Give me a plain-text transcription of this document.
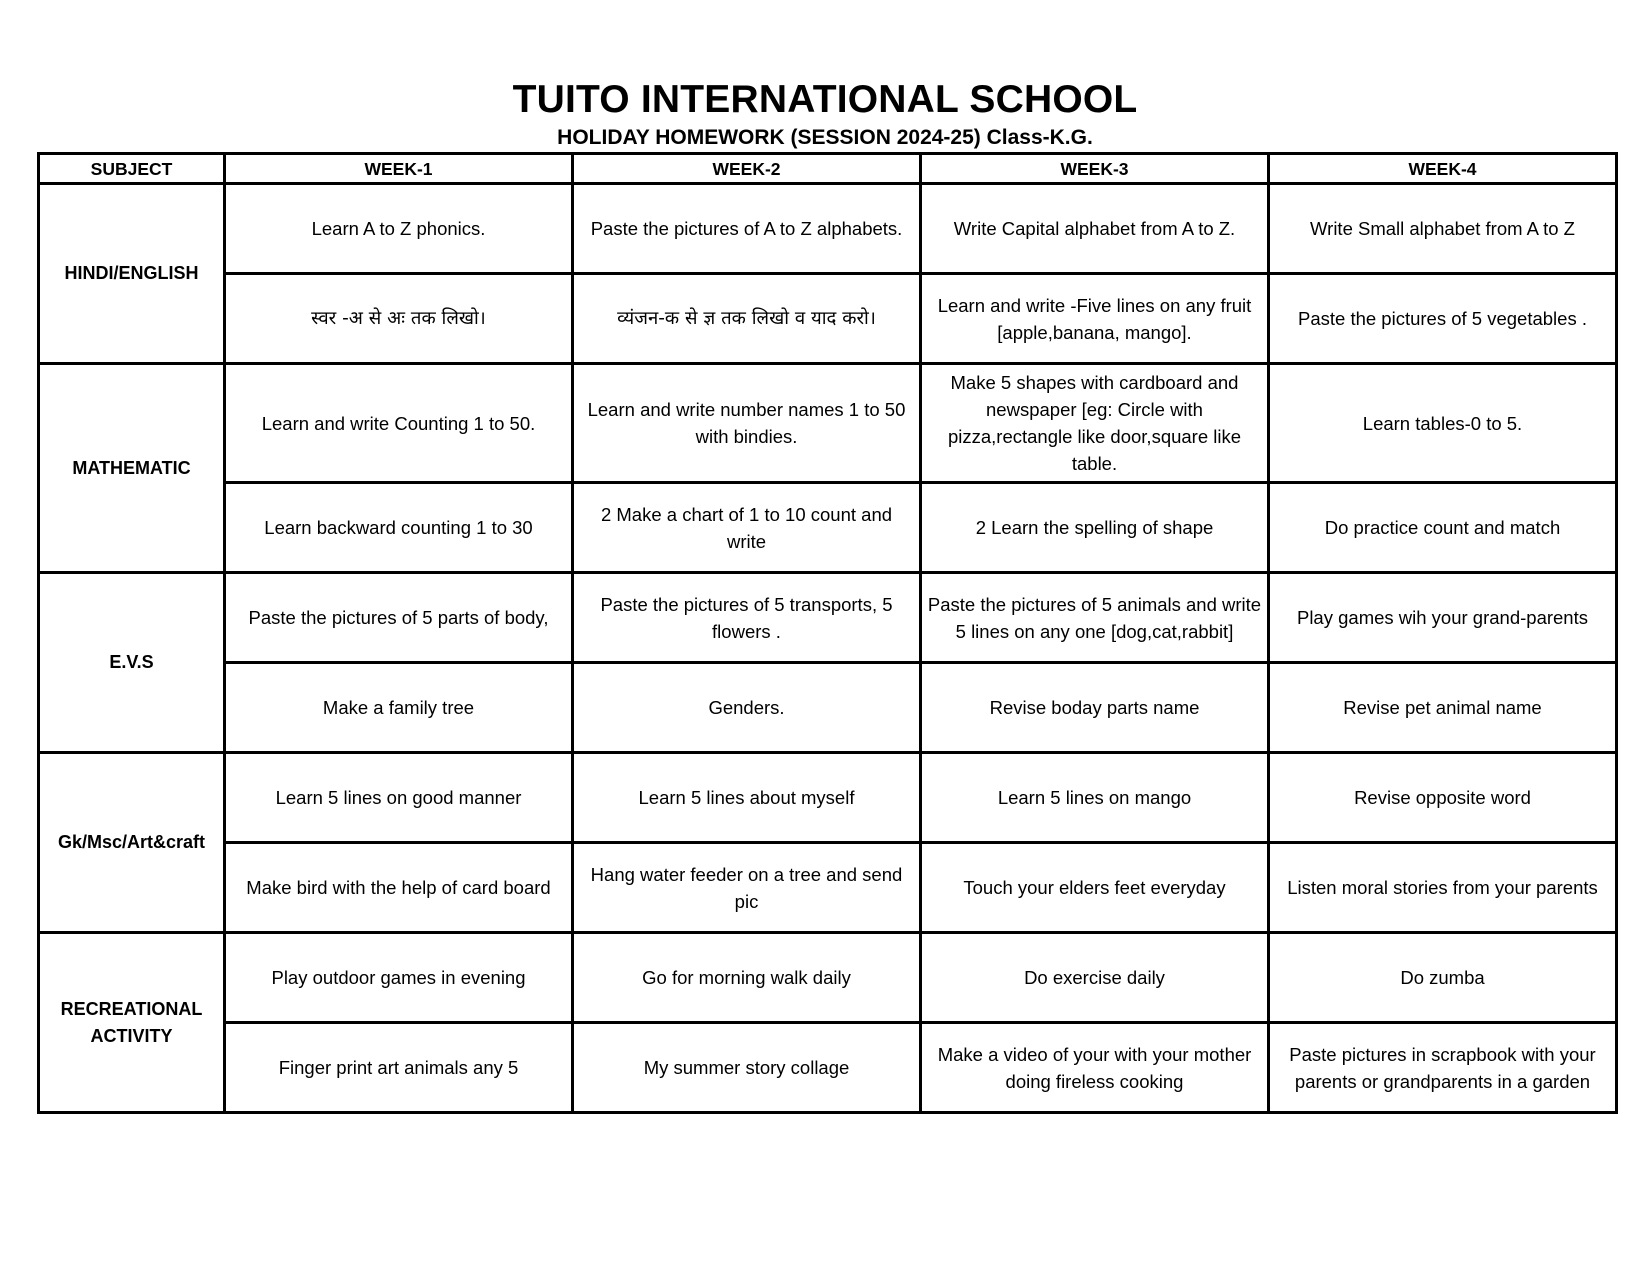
TUITO INTERNATIONAL SCHOOL
HOLIDAY HOMEWORK (SESSION 2024-25) Class-K.G.
SUBJECT	WEEK-1	WEEK-2	WEEK-3	WEEK-4
HINDI/ENGLISH	Learn A to Z phonics.	Paste the pictures of A to Z alphabets.	Write Capital alphabet from A to Z.	Write Small alphabet from A to Z
	स्वर -अ से अः तक लिखो।	व्यंजन-क से ज्ञ तक लिखो व याद करो।	Learn and write -Five lines on any fruit [apple,banana, mango].	Paste the pictures of 5 vegetables .
MATHEMATIC	Learn and write Counting 1 to 50.	Learn and write number names 1 to 50 with bindies.	Make 5 shapes with cardboard and newspaper [eg: Circle with pizza,rectangle like door,square like table.	Learn tables-0 to 5.
	Learn backward counting 1 to 30	2 Make a chart of 1 to 10 count and write	2 Learn the spelling of shape	Do practice count and match
E.V.S	Paste the pictures of 5 parts of body,	Paste the pictures of 5 transports, 5 flowers .	Paste the pictures of 5 animals and write 5 lines on any one [dog,cat,rabbit]	Play games wih your grand-parents
	Make a family tree	Genders.	Revise boday parts name	Revise pet animal name
Gk/Msc/Art&craft	Learn 5 lines on good manner	Learn 5 lines about myself	Learn 5 lines on mango	Revise opposite word
	Make bird with the help of card board	Hang water feeder on a tree and send pic	Touch your elders feet everyday	Listen moral stories from your parents
RECREATIONAL ACTIVITY	Play outdoor games in evening	Go for morning walk daily	Do exercise daily	Do zumba
	Finger print art animals any 5	My summer story collage	Make a video of your with your mother doing fireless cooking	Paste pictures in scrapbook with your parents or grandparents in a garden
